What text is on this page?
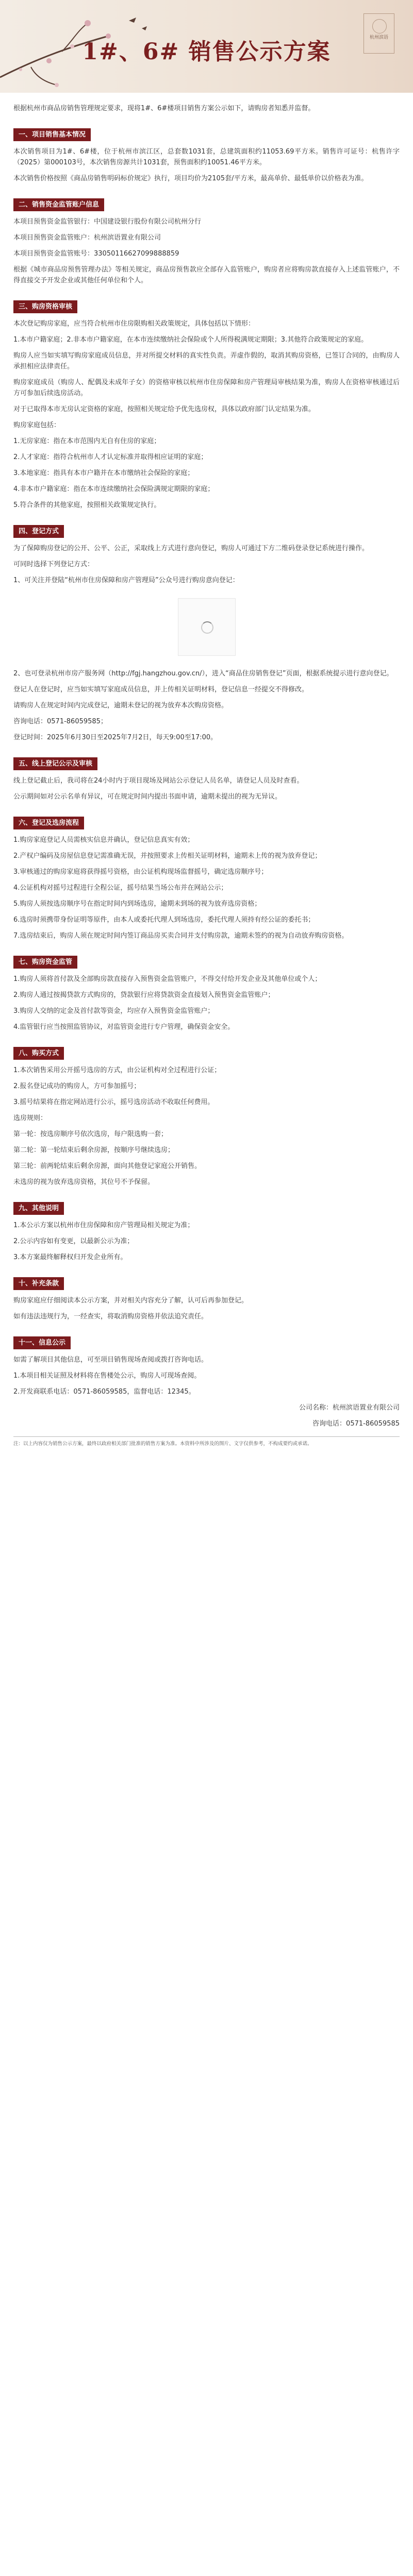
1#、6# 销售公示方案
杭州滨语

根据杭州市商品房销售管理规定要求，现将1#、6#楼项目销售方案公示如下，请购房者知悉并监督。

一、项目销售基本情况

本次销售项目为1#、6#楼，位于杭州市滨江区，总套数1031套，总建筑面积约11053.69平方米。销售许可证号：杭售许字（2025）第000103号，本次销售房源共计1031套，预售面积约10051.46平方米。

本次销售价格按照《商品房销售明码标价规定》执行，项目均价为2105套/平方米，最高单价、最低单价以价格表为准。

二、销售资金监管账户信息

本项目预售资金监管银行：中国建设银行股份有限公司杭州分行

本项目预售资金监管账户：杭州滨语置业有限公司

本项目预售资金监管账号：33050116627099888859

根据《城市商品房预售管理办法》等相关规定，商品房预售款应全部存入监管账户，购房者应将购房款直接存入上述监管账户，不得直接交予开发企业或其他任何单位和个人。

三、购房资格审核

本次登记购房家庭，应当符合杭州市住房限购相关政策规定，具体包括以下情形：

1.本市户籍家庭；2.非本市户籍家庭，在本市连续缴纳社会保险或个人所得税满规定期限；3.其他符合政策规定的家庭。

购房人应当如实填写购房家庭成员信息，并对所提交材料的真实性负责。弄虚作假的，取消其购房资格，已签订合同的，由购房人承担相应法律责任。

购房家庭成员（购房人、配偶及未成年子女）的资格审核以杭州市住房保障和房产管理局审核结果为准，购房人在资格审核通过后方可参加后续选房活动。

对于已取得本市无房认定资格的家庭，按照相关规定给予优先选房权，具体以政府部门认定结果为准。

购房家庭包括：

1.无房家庭：指在本市范围内无自有住房的家庭；

2.人才家庭：指符合杭州市人才认定标准并取得相应证明的家庭；

3.本地家庭：指具有本市户籍并在本市缴纳社会保险的家庭；

4.非本市户籍家庭：指在本市连续缴纳社会保险满规定期限的家庭；

5.符合条件的其他家庭，按照相关政策规定执行。

四、登记方式

为了保障购房登记的公开、公平、公正，采取线上方式进行意向登记，购房人可通过下方二维码登录登记系统进行操作。

可同时选择下列登记方式：

1、可关注并登陆“杭州市住房保障和房产管理局”公众号进行购房意向登记：

2、也可登录杭州市房产服务网（http://fgj.hangzhou.gov.cn/），进入“商品住房销售登记”页面，根据系统提示进行意向登记。

登记人在登记时，应当如实填写家庭成员信息，并上传相关证明材料，登记信息一经提交不得修改。

请购房人在规定时间内完成登记，逾期未登记的视为放弃本次购房资格。

咨询电话：0571-86059585；

登记时间：2025年6月30日至2025年7月2日，每天9:00至17:00。

五、线上登记公示及审核

线上登记截止后，我司将在24小时内于项目现场及网站公示登记人员名单，请登记人员及时查看。

公示期间如对公示名单有异议，可在规定时间内提出书面申请，逾期未提出的视为无异议。

六、登记及选房流程

1.购房家庭登记人员需核实信息并确认，登记信息真实有效；

2.产权户编码及房屋信息登记需准确无误，并按照要求上传相关证明材料，逾期未上传的视为放弃登记；

3.审核通过的购房家庭将获得摇号资格，由公证机构现场监督摇号，确定选房顺序号；

4.公证机构对摇号过程进行全程公证，摇号结果当场公布并在网站公示；

5.购房人须按选房顺序号在指定时间内到场选房，逾期未到场的视为放弃选房资格；

6.选房时须携带身份证明等原件，由本人或委托代理人到场选房，委托代理人须持有经公证的委托书；

7.选房结束后，购房人须在规定时间内签订商品房买卖合同并支付购房款，逾期未签约的视为自动放弃购房资格。

七、购房资金监管

1.购房人须将首付款及全部购房款直接存入预售资金监管账户，不得交付给开发企业及其他单位或个人；

2.购房人通过按揭贷款方式购房的，贷款银行应将贷款资金直接划入预售资金监管账户；

3.购房人交纳的定金及首付款等资金，均应存入预售资金监管账户；

4.监管银行应当按照监管协议，对监管资金进行专户管理，确保资金安全。

八、购买方式

1.本次销售采用公开摇号选房的方式，由公证机构对全过程进行公证；

2.报名登记成功的购房人，方可参加摇号；

3.摇号结果将在指定网站进行公示，摇号选房活动不收取任何费用。

选房规则：

第一轮：按选房顺序号依次选房，每户限选购一套；

第二轮：第一轮结束后剩余房源，按顺序号继续选房；

第三轮：前两轮结束后剩余房源，面向其他登记家庭公开销售。

未选房的视为放弃选房资格，其位号不予保留。

九、其他说明

1.本公示方案以杭州市住房保障和房产管理局相关规定为准；

2.公示内容如有变更，以最新公示为准；

3.本方案最终解释权归开发企业所有。

十、补充条款

购房家庭应仔细阅读本公示方案，并对相关内容充分了解，认可后再参加登记。

如有违法违规行为，一经查实，将取消购房资格并依法追究责任。

十一、信息公示

如需了解项目其他信息，可至项目销售现场查阅或拨打咨询电话。

1.本项目相关证照及材料将在售楼处公示，购房人可现场查阅。

2.开发商联系电话：0571-86059585，监督电话：12345。

公司名称：杭州滨语置业有限公司

咨询电话：0571-86059585

注：以上内容仅为销售公示方案，最终以政府相关部门批准的销售方案为准。本资料中所涉及的图片、文字仅供参考，不构成要约或承诺。
